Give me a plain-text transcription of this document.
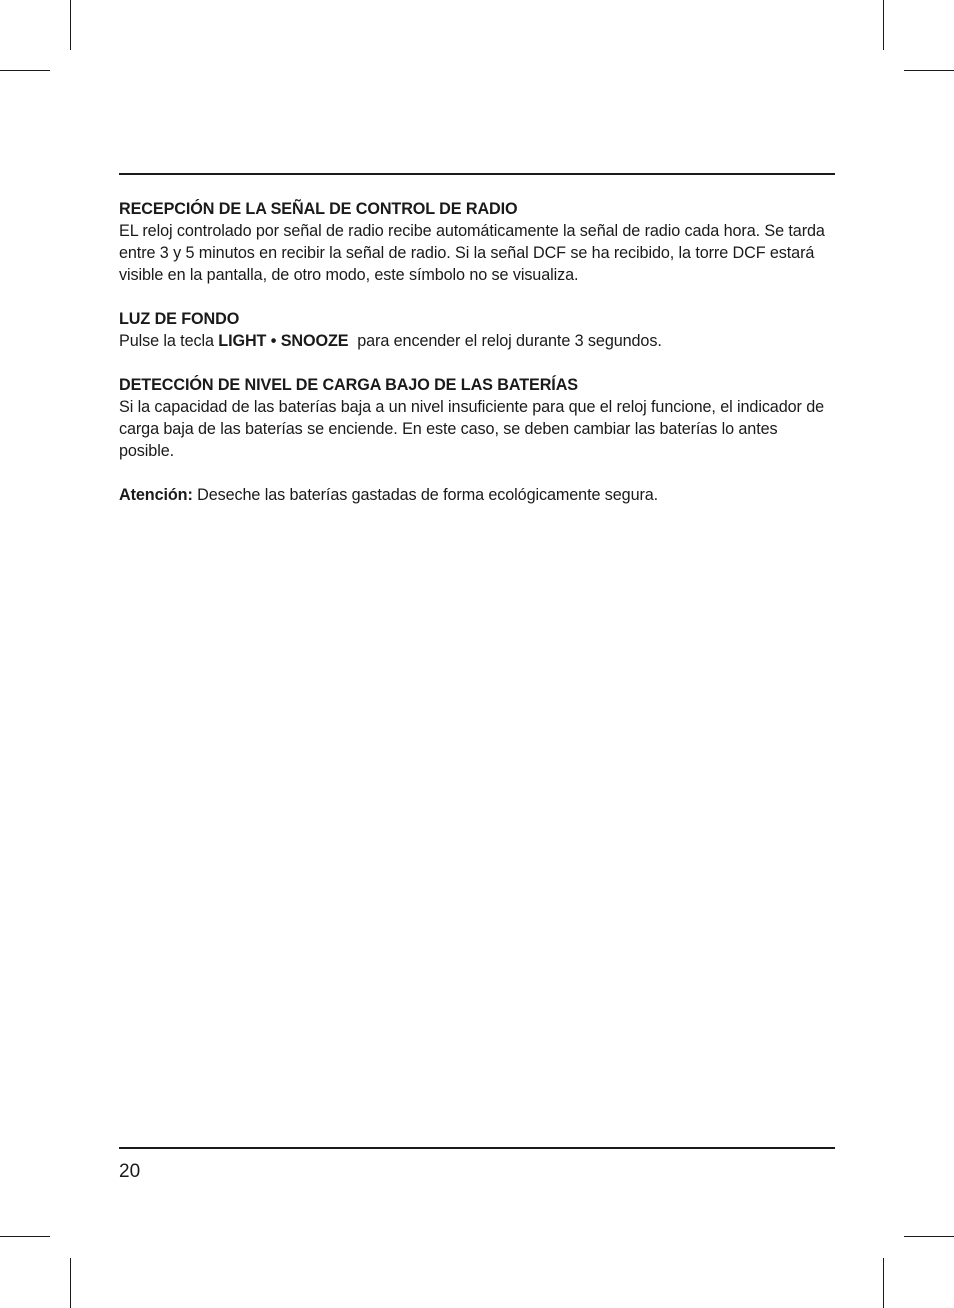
RECEPCIÓN DE LA SEÑAL DE CONTROL DE RADIO
EL reloj controlado por señal de radio recibe automáticamente la señal de radio cada hora. Se tarda entre 3 y 5 minutos en recibir la señal de radio. Si la señal DCF se ha recibido, la torre DCF estará visible en la pantalla, de otro modo, este símbolo no se visualiza.

LUZ DE FONDO
Pulse la tecla LIGHT • SNOOZE  para encender el reloj durante 3 segundos.

DETECCIÓN DE NIVEL DE CARGA BAJO DE LAS BATERÍAS
Si la capacidad de las baterías baja a un nivel insuficiente para que el reloj funcione, el indicador de carga baja de las baterías se enciende. En este caso, se deben cambiar las baterías lo antes posible.

Atención: Deseche las baterías gastadas de forma ecológicamente segura.

20
